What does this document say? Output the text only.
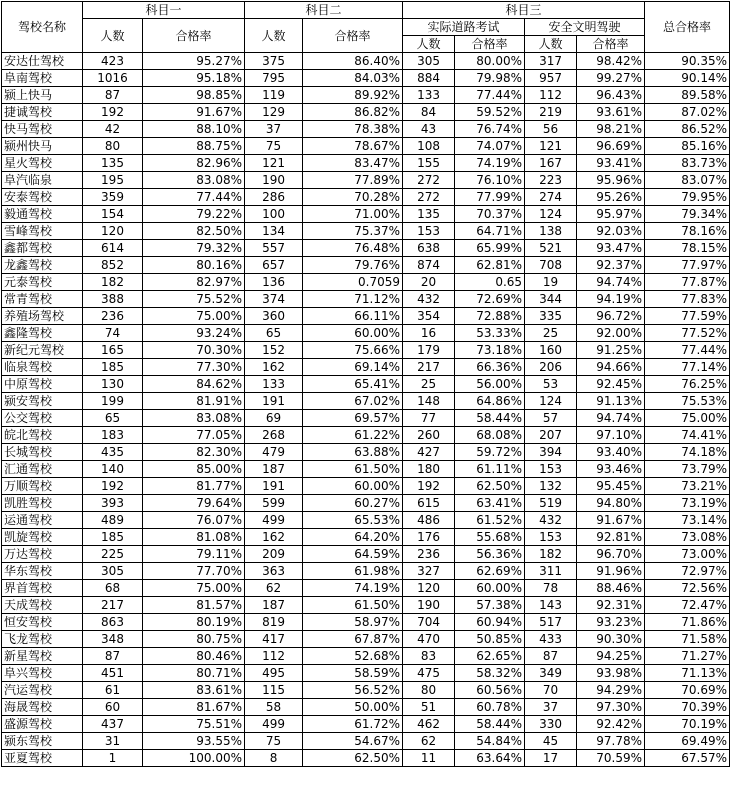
驾校名称	科目一		科目二		科目三				总合格率
	人数	合格率	人数	合格率	实际道路考试		安全文明驾驶		
					人数	合格率	人数	合格率	
安达仕驾校	423	95.27%	375	86.40%	305	80.00%	317	98.42%	90.35%
阜南驾校	1016	95.18%	795	84.03%	884	79.98%	957	99.27%	90.14%
颍上快马	87	98.85%	119	89.92%	133	77.44%	112	96.43%	89.58%
捷诚驾校	192	91.67%	129	86.82%	84	59.52%	219	93.61%	87.02%
快马驾校	42	88.10%	37	78.38%	43	76.74%	56	98.21%	86.52%
颍州快马	80	88.75%	75	78.67%	108	74.07%	121	96.69%	85.16%
星火驾校	135	82.96%	121	83.47%	155	74.19%	167	93.41%	83.73%
阜汽临泉	195	83.08%	190	77.89%	272	76.10%	223	95.96%	83.07%
安泰驾校	359	77.44%	286	70.28%	272	77.99%	274	95.26%	79.95%
毅通驾校	154	79.22%	100	71.00%	135	70.37%	124	95.97%	79.34%
雪峰驾校	120	82.50%	134	75.37%	153	64.71%	138	92.03%	78.16%
鑫都驾校	614	79.32%	557	76.48%	638	65.99%	521	93.47%	78.15%
龙鑫驾校	852	80.16%	657	79.76%	874	62.81%	708	92.37%	77.97%
元泰驾校	182	82.97%	136	0.7059	20	0.65	19	94.74%	77.87%
常青驾校	388	75.52%	374	71.12%	432	72.69%	344	94.19%	77.83%
养殖场驾校	236	75.00%	360	66.11%	354	72.88%	335	96.72%	77.59%
鑫隆驾校	74	93.24%	65	60.00%	16	53.33%	25	92.00%	77.52%
新纪元驾校	165	70.30%	152	75.66%	179	73.18%	160	91.25%	77.44%
临泉驾校	185	77.30%	162	69.14%	217	66.36%	206	94.66%	77.14%
中原驾校	130	84.62%	133	65.41%	25	56.00%	53	92.45%	76.25%
颍安驾校	199	81.91%	191	67.02%	148	64.86%	124	91.13%	75.53%
公交驾校	65	83.08%	69	69.57%	77	58.44%	57	94.74%	75.00%
皖北驾校	183	77.05%	268	61.22%	260	68.08%	207	97.10%	74.41%
长城驾校	435	82.30%	479	63.88%	427	59.72%	394	93.40%	74.18%
汇通驾校	140	85.00%	187	61.50%	180	61.11%	153	93.46%	73.79%
万顺驾校	192	81.77%	191	60.00%	192	62.50%	132	95.45%	73.21%
凯胜驾校	393	79.64%	599	60.27%	615	63.41%	519	94.80%	73.19%
运通驾校	489	76.07%	499	65.53%	486	61.52%	432	91.67%	73.14%
凯旋驾校	185	81.08%	162	64.20%	176	55.68%	153	92.81%	73.08%
万达驾校	225	79.11%	209	64.59%	236	56.36%	182	96.70%	73.00%
华东驾校	305	77.70%	363	61.98%	327	62.69%	311	91.96%	72.97%
界首驾校	68	75.00%	62	74.19%	120	60.00%	78	88.46%	72.56%
天成驾校	217	81.57%	187	61.50%	190	57.38%	143	92.31%	72.47%
恒安驾校	863	80.19%	819	58.97%	704	60.94%	517	93.23%	71.86%
飞龙驾校	348	80.75%	417	67.87%	470	50.85%	433	90.30%	71.58%
新星驾校	87	80.46%	112	52.68%	83	62.65%	87	94.25%	71.27%
阜兴驾校	451	80.71%	495	58.59%	475	58.32%	349	93.98%	71.13%
汽运驾校	61	83.61%	115	56.52%	80	60.56%	70	94.29%	70.69%
海晟驾校	60	81.67%	58	50.00%	51	60.78%	37	97.30%	70.39%
盛源驾校	437	75.51%	499	61.72%	462	58.44%	330	92.42%	70.19%
颍东驾校	31	93.55%	75	54.67%	62	54.84%	45	97.78%	69.49%
亚夏驾校	1	100.00%	8	62.50%	11	63.64%	17	70.59%	67.57%
